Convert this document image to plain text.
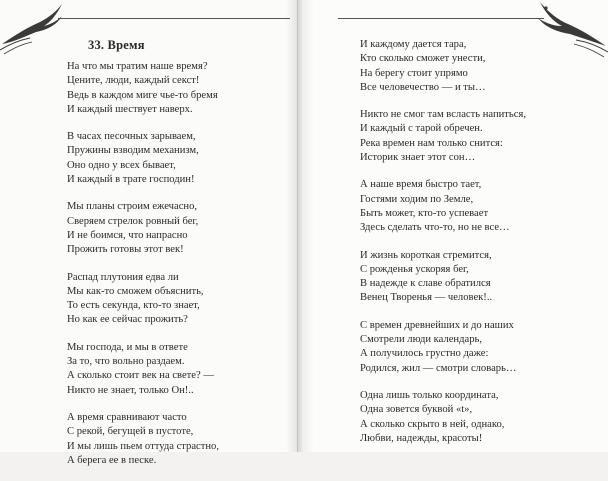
33. Время
На что мы тратим наше время?
Цените, люди, каждый секст!
Ведь в каждом миге чье-то бремя
И каждый шествует наверх.
В часах песочных зарываем,
Пружины взводим механизм,
Оно одно у всех бывает,
И каждый в трате господин!
Мы планы строим ежечасно,
Сверяем стрелок ровный бег,
И не боимся, что напрасно
Прожить готовы этот век!
Распад плутония едва ли
Мы как-то сможем объяснить,
То есть секунда, кто-то знает,
Но как ее сейчас прожить?
Мы господа, и мы в ответе
За то, что вольно раздаем.
А сколько стоит век на свете? —
Никто не знает, только Он!..
А время сравнивают часто
С рекой, бегущей в пустоте,
И мы лишь пьем оттуда страстно,
А берега ее в песке.
И каждому дается тара,
Кто сколько сможет унести,
На берегу стоит упрямо
Все человечество — и ты…
Никто не смог там всласть напиться,
И каждый с тарой обречен.
Река времен нам только снится:
Историк знает этот сон…
А наше время быстро тает,
Гостями ходим по Земле,
Быть может, кто-то успевает
Здесь сделать что-то, но не все…
И жизнь короткая стремится,
С рожденья ускоряя бег,
В надежде к славе обратился
Венец Творенья — человек!..
С времен древнейших и до наших
Смотрели люди календарь,
А получилось грустно даже:
Родился, жил — смотри словарь…
Одна лишь только координата,
Одна зовется буквой «t»,
А сколько скрыто в ней, однако,
Любви, надежды, красоты!
